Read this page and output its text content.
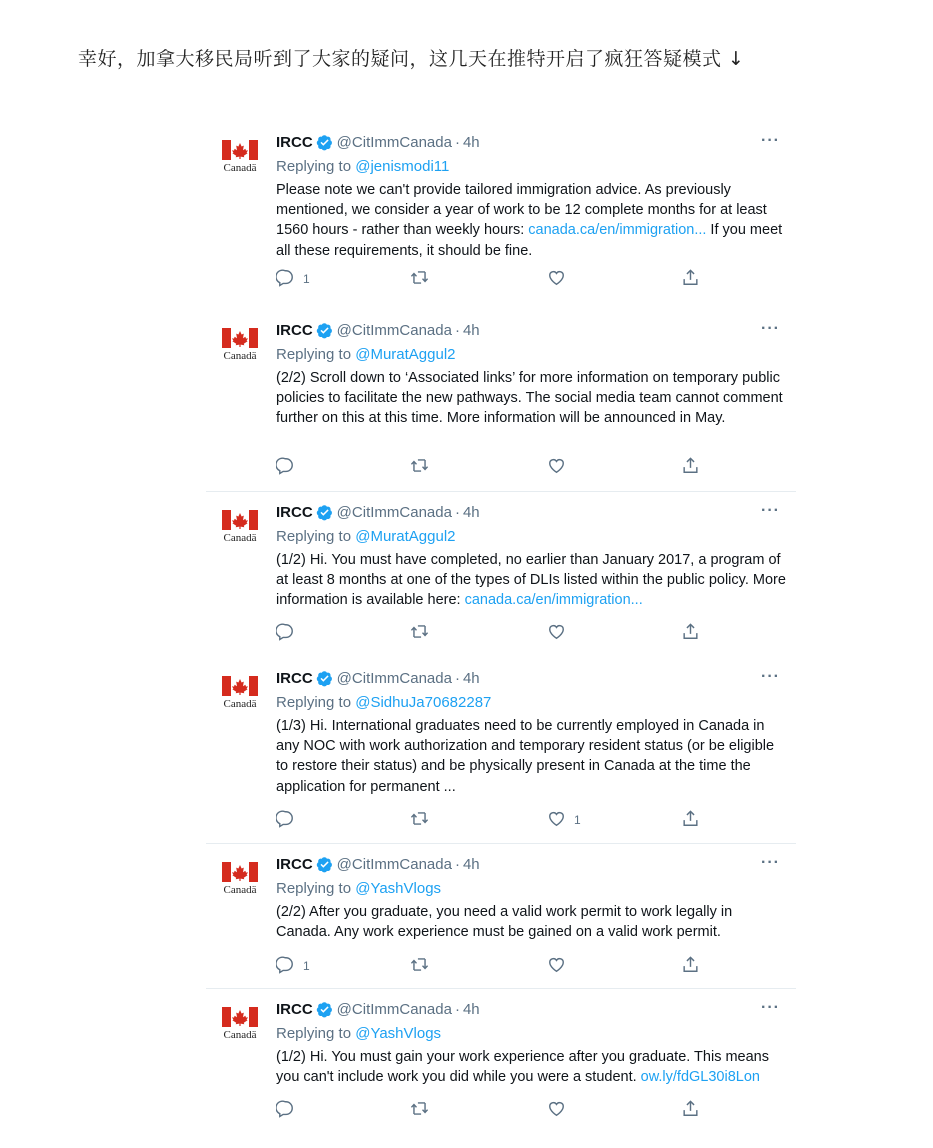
幸好，加拿大移民局听到了大家的疑问，这几天在推特开启了疯狂答疑模式 ↓
Canadä
IRCC @CitImmCanada · 4h	···
Replying to @jenismodi11
Please note we can't provide tailored immigration advice. As previously mentioned, we consider a year of work to be 12 complete months for at least 1560 hours - rather than weekly hours: canada.ca/en/immigration... If you meet all these requirements, it should be fine.
1
Canadä
IRCC @CitImmCanada · 4h	···
Replying to @MuratAggul2
(2/2) Scroll down to ‘Associated links’ for more information on temporary public policies to facilitate the new pathways. The social media team cannot comment further on this at this time. More information will be announced in May.
Canadä
IRCC @CitImmCanada · 4h	···
Replying to @MuratAggul2
(1/2) Hi. You must have completed, no earlier than January 2017, a program of at least 8 months at one of the types of DLIs listed within the public policy. More information is available here: canada.ca/en/immigration...
Canadä
IRCC @CitImmCanada · 4h	···
Replying to @SidhuJa70682287
(1/3) Hi. International graduates need to be currently employed in Canada in any NOC with work authorization and temporary resident status (or be eligible to restore their status) and be physically present in Canada at the time the application for permanent ...
1
Canadä
IRCC @CitImmCanada · 4h	···
Replying to @YashVlogs
(2/2) After you graduate, you need a valid work permit to work legally in Canada. Any work experience must be gained on a valid work permit.
1
Canadä
IRCC @CitImmCanada · 4h	···
Replying to @YashVlogs
(1/2) Hi. You must gain your work experience after you graduate. This means you can't include work you did while you were a student. ow.ly/fdGL30i8Lon
